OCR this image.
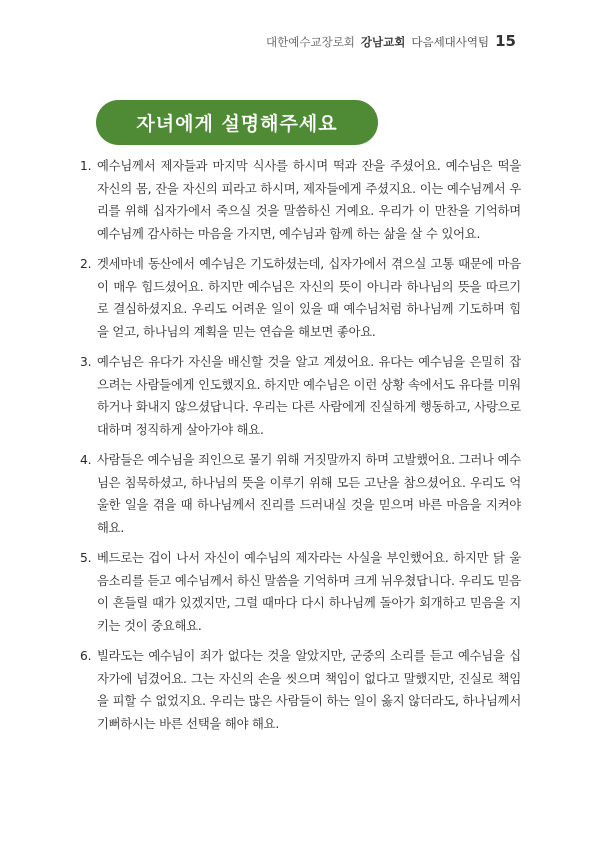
대한예수교장로회 강남교회 다음세대사역팀 15
자녀에게 설명해주세요
1. 예수님께서 제자들과 마지막 식사를 하시며 떡과 잔을 주셨어요. 예수님은 떡을 자신의 몸, 잔을 자신의 피라고 하시며, 제자들에게 주셨지요. 이는 예수님께서 우리를 위해 십자가에서 죽으실 것을 말씀하신 거예요. 우리가 이 만찬을 기억하며 예수님께 감사하는 마음을 가지면, 예수님과 함께 하는 삶을 살 수 있어요.
2. 겟세마네 동산에서 예수님은 기도하셨는데, 십자가에서 겪으실 고통 때문에 마음이 매우 힘드셨어요. 하지만 예수님은 자신의 뜻이 아니라 하나님의 뜻을 따르기로 결심하셨지요. 우리도 어려운 일이 있을 때 예수님처럼 하나님께 기도하며 힘을 얻고, 하나님의 계획을 믿는 연습을 해보면 좋아요.
3. 예수님은 유다가 자신을 배신할 것을 알고 계셨어요. 유다는 예수님을 은밀히 잡으려는 사람들에게 인도했지요. 하지만 예수님은 이런 상황 속에서도 유다를 미워하거나 화내지 않으셨답니다. 우리는 다른 사람에게 진실하게 행동하고, 사랑으로 대하며 정직하게 살아가야 해요.
4. 사람들은 예수님을 죄인으로 몰기 위해 거짓말까지 하며 고발했어요. 그러나 예수님은 침묵하셨고, 하나님의 뜻을 이루기 위해 모든 고난을 참으셨어요. 우리도 억울한 일을 겪을 때 하나님께서 진리를 드러내실 것을 믿으며 바른 마음을 지켜야 해요.
5. 베드로는 겁이 나서 자신이 예수님의 제자라는 사실을 부인했어요. 하지만 닭 울음소리를 듣고 예수님께서 하신 말씀을 기억하며 크게 뉘우쳤답니다. 우리도 믿음이 흔들릴 때가 있겠지만, 그럴 때마다 다시 하나님께 돌아가 회개하고 믿음을 지키는 것이 중요해요.
6. 빌라도는 예수님이 죄가 없다는 것을 알았지만, 군중의 소리를 듣고 예수님을 십자가에 넘겼어요. 그는 자신의 손을 씻으며 책임이 없다고 말했지만, 진실로 책임을 피할 수 없었지요. 우리는 많은 사람들이 하는 일이 옳지 않더라도, 하나님께서 기뻐하시는 바른 선택을 해야 해요.
